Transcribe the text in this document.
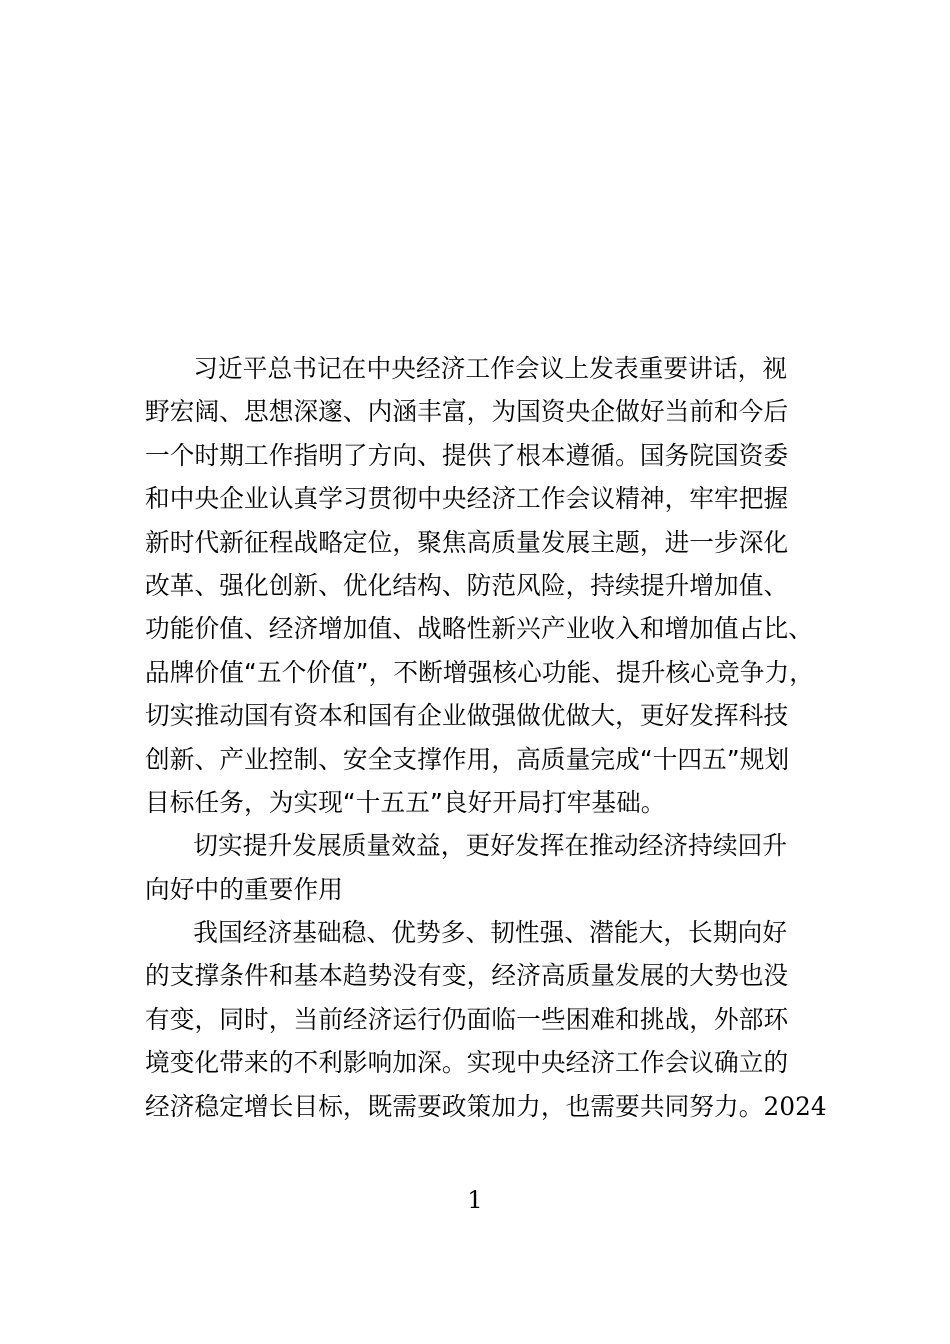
习近平总书记在中央经济工作会议上发表重要讲话，视
野宏阔、思想深邃、内涵丰富，为国资央企做好当前和今后
一个时期工作指明了方向、提供了根本遵循。国务院国资委
和中央企业认真学习贯彻中央经济工作会议精神，牢牢把握
新时代新征程战略定位，聚焦高质量发展主题，进一步深化
改革、强化创新、优化结构、防范风险，持续提升增加值、
功能价值、经济增加值、战略性新兴产业收入和增加值占比、
品牌价值“五个价值”，不断增强核心功能、提升核心竞争力，
切实推动国有资本和国有企业做强做优做大，更好发挥科技
创新、产业控制、安全支撑作用，高质量完成“十四五”规划
目标任务，为实现“十五五”良好开局打牢基础。
切实提升发展质量效益，更好发挥在推动经济持续回升
向好中的重要作用
我国经济基础稳、优势多、韧性强、潜能大，长期向好
的支撑条件和基本趋势没有变，经济高质量发展的大势也没
有变，同时，当前经济运行仍面临一些困难和挑战，外部环
境变化带来的不利影响加深。实现中央经济工作会议确立的
经济稳定增长目标，既需要政策加力，也需要共同努力。2024
1
